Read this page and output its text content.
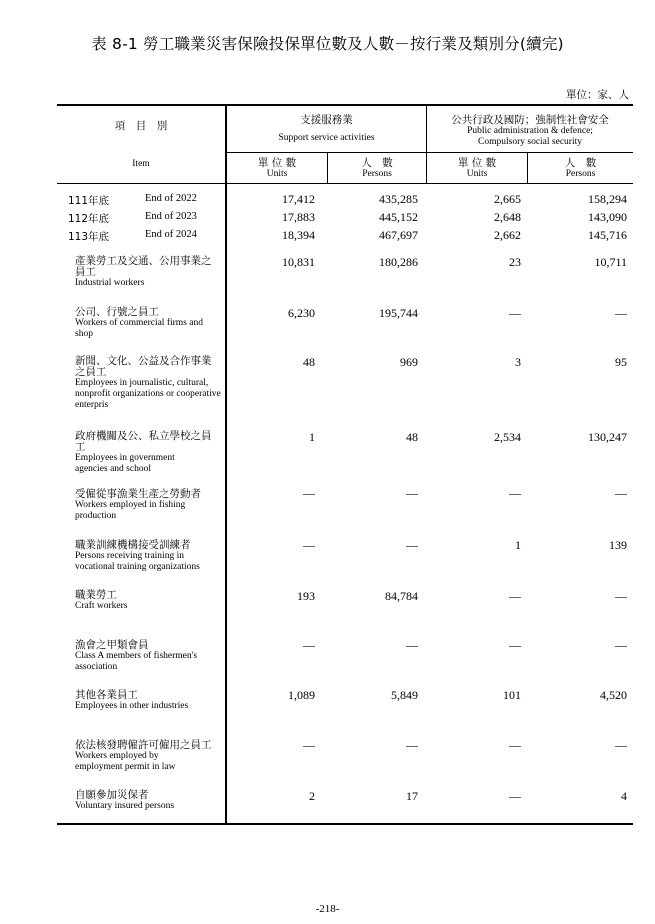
表 8-1 勞工職業災害保險投保單位數及人數－按行業及類別分(續完)
單位：家、人
項　目　別
Item
支援服務業
Support service activities
公共行政及國防；強制性社會安全
Public administration & defence;
Compulsory social security
單 位 數
Units
人　數
Persons
單 位 數
Units
人　數
Persons
111年底	End of 2022	17,412	435,285	2,665	158,294
112年底	End of 2023	17,883	445,152	2,648	143,090
113年底	End of 2024	18,394	467,697	2,662	145,716
產業勞工及交通、公用事業之員工
Industrial workers
10,831	180,286	23	10,711
公司、行號之員工
Workers of commercial firms and shop
6,230	195,744	—	—
新聞、文化、公益及合作事業之員工
Employees in journalistic, cultural, nonprofit organizations or cooperative enterpris
48	969	3	95
政府機關及公、私立學校之員工
Employees in government agencies and school
1	48	2,534	130,247
受僱從事漁業生產之勞動者
Workers employed in fishing production
—	—	—	—
職業訓練機構接受訓練者
Persons receiving training in vocational training organizations
—	—	1	139
職業勞工
Craft workers
193	84,784	—	—
漁會之甲類會員
Class A members of fishermen's association
—	—	—	—
其他各業員工
Employees in other industries
1,089	5,849	101	4,520
依法核發聘僱許可僱用之員工
Workers employed by employment permit in law
—	—	—	—
自願參加災保者
Voluntary insured persons
2	17	—	4
-218-
